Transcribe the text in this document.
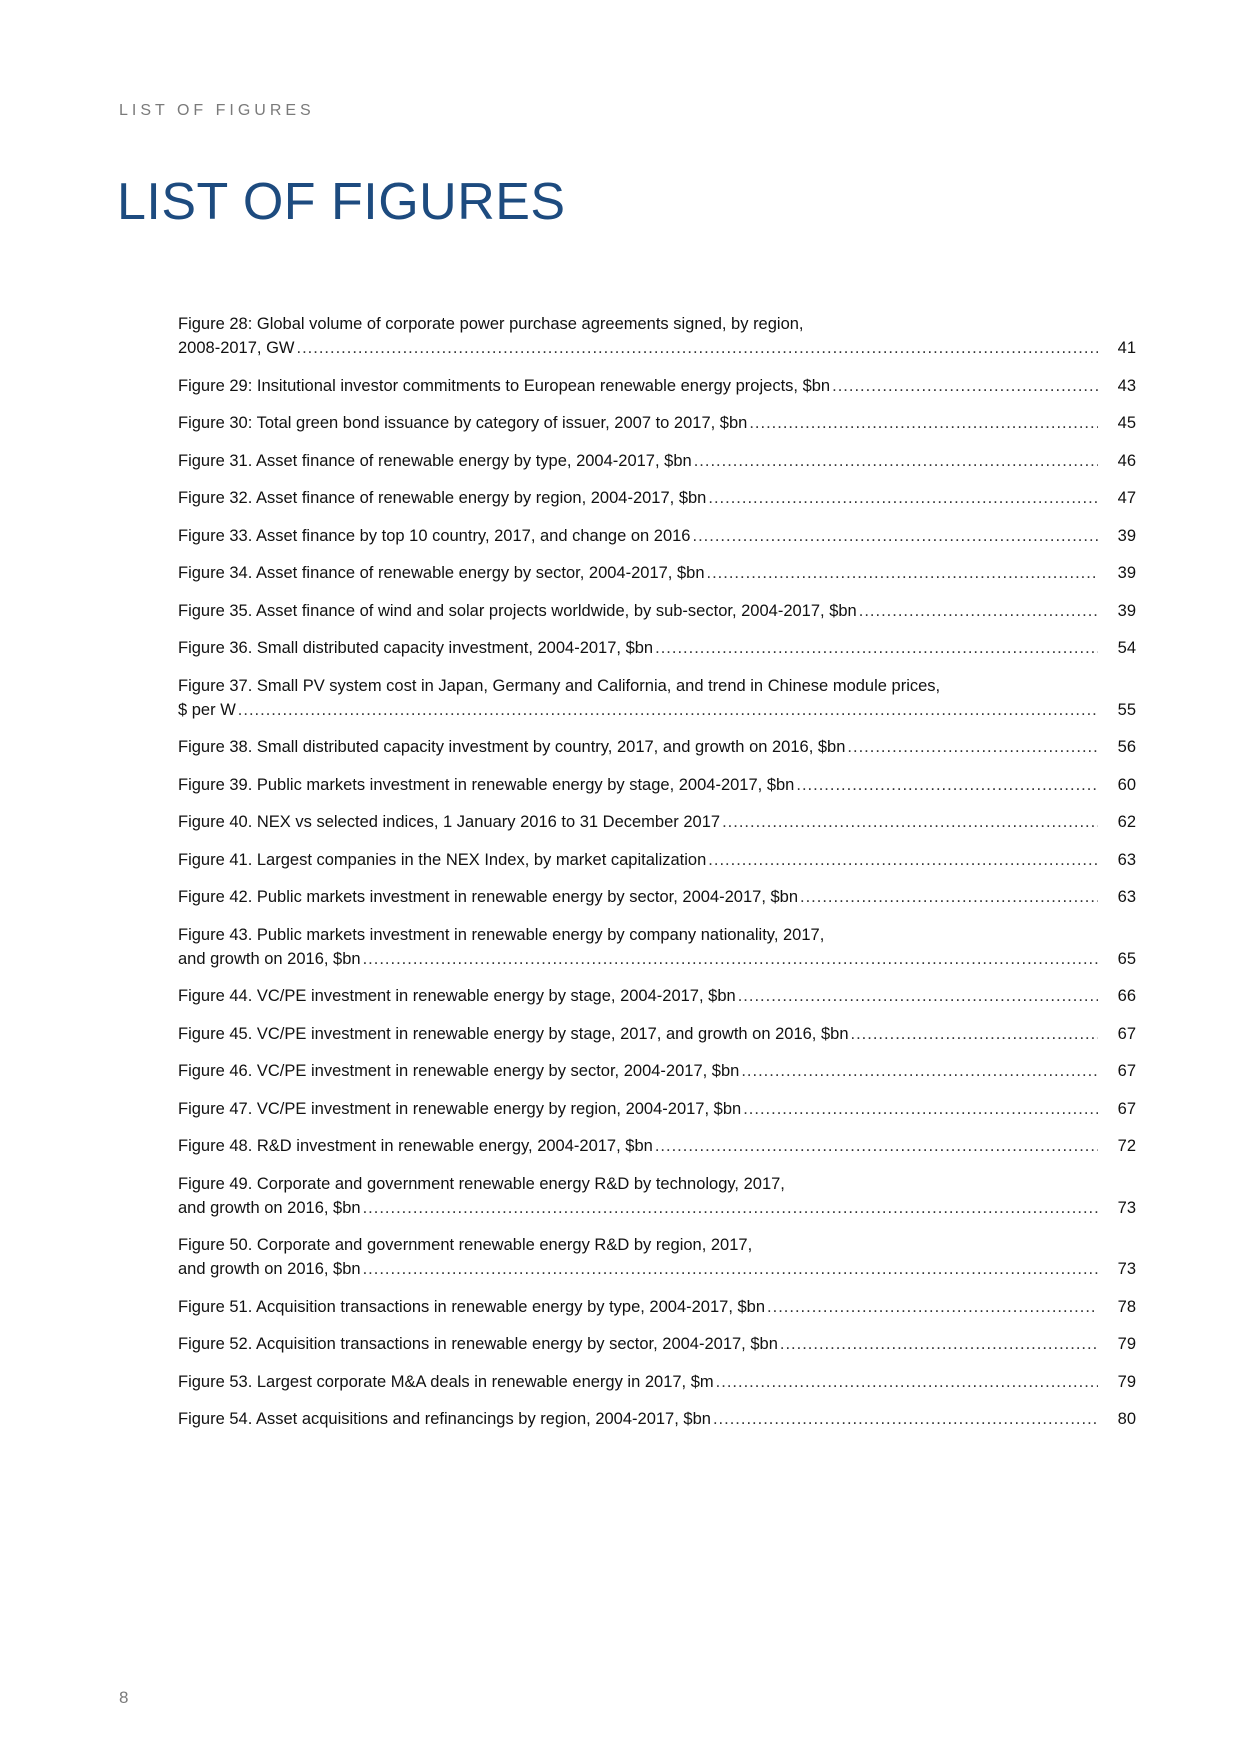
LIST OF FIGURES
LIST OF FIGURES
Figure 28: Global volume of corporate power purchase agreements signed, by region,
2008-2017, GW .....	41
Figure 29: Insitutional investor commitments to European renewable energy projects, $bn .....	43
Figure 30: Total green bond issuance by category of issuer, 2007 to 2017, $bn .....	45
Figure 31. Asset finance of renewable energy by type, 2004-2017, $bn .....	46
Figure 32. Asset finance of renewable energy by region, 2004-2017, $bn .....	47
Figure 33. Asset finance by top 10 country, 2017, and change on 2016 .....	39
Figure 34. Asset finance of renewable energy by sector, 2004-2017, $bn .....	39
Figure 35. Asset finance of wind and solar projects worldwide, by sub-sector, 2004-2017, $bn .....	39
Figure 36. Small distributed capacity investment, 2004-2017, $bn .....	54
Figure 37. Small PV system cost in Japan, Germany and California, and trend in Chinese module prices,
$ per W .....	55
Figure 38. Small distributed capacity investment by country, 2017, and growth on 2016, $bn .....	56
Figure 39. Public markets investment in renewable energy by stage, 2004-2017, $bn .....	60
Figure 40. NEX vs selected indices, 1 January 2016 to 31 December 2017 .....	62
Figure 41. Largest companies in the NEX Index, by market capitalization .....	63
Figure 42. Public markets investment in renewable energy by sector, 2004-2017, $bn .....	63
Figure 43. Public markets investment in renewable energy by company nationality, 2017,
and growth on 2016, $bn .....	65
Figure 44. VC/PE investment in renewable energy by stage, 2004-2017, $bn .....	66
Figure 45. VC/PE investment in renewable energy by stage, 2017, and growth on 2016, $bn .....	67
Figure 46. VC/PE investment in renewable energy by sector, 2004-2017, $bn .....	67
Figure 47. VC/PE investment in renewable energy by region, 2004-2017, $bn .....	67
Figure 48. R&D investment in renewable energy, 2004-2017, $bn .....	72
Figure 49. Corporate and government renewable energy R&D by technology, 2017,
and growth on 2016, $bn .....	73
Figure 50. Corporate and government renewable energy R&D by region, 2017,
and growth on 2016, $bn .....	73
Figure 51. Acquisition transactions in renewable energy by type, 2004-2017, $bn .....	78
Figure 52. Acquisition transactions in renewable energy by sector, 2004-2017, $bn .....	79
Figure 53. Largest corporate M&A deals in renewable energy in 2017, $m .....	79
Figure 54. Asset acquisitions and refinancings by region, 2004-2017, $bn .....	80
8
